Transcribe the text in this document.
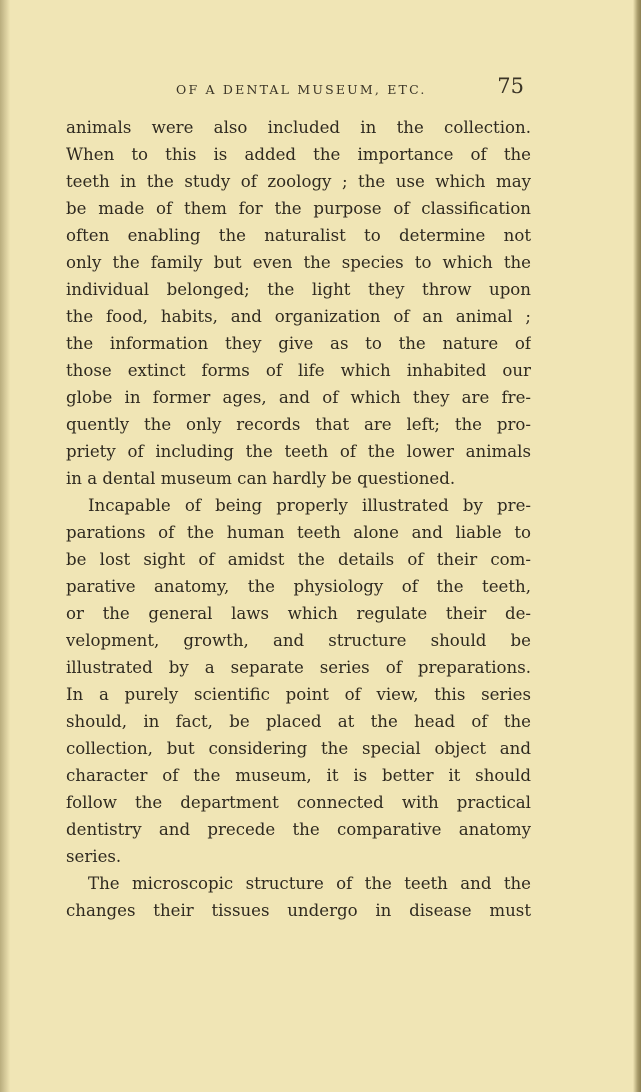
OF A DENTAL MUSEUM, ETC.	75
animals were also included in the collection.
When to this is added the importance of the
teeth in the study of zoology ; the use which may
be made of them for the purpose of classification
often enabling the naturalist to determine not
only the family but even the species to which the
individual belonged; the light they throw upon
the food, habits, and organization of an animal ;
the information they give as to the nature of
those extinct forms of life which inhabited our
globe in former ages, and of which they are fre-
quently the only records that are left; the pro-
priety of including the teeth of the lower animals
in a dental museum can hardly be questioned.
Incapable of being properly illustrated by pre-
parations of the human teeth alone and liable to
be lost sight of amidst the details of their com-
parative anatomy, the physiology of the teeth,
or the general laws which regulate their de-
velopment, growth, and structure should be
illustrated by a separate series of preparations.
In a purely scientific point of view, this series
should, in fact, be placed at the head of the
collection, but considering the special object and
character of the museum, it is better it should
follow the department connected with practical
dentistry and precede the comparative anatomy
series.
The microscopic structure of the teeth and the
changes their tissues undergo in disease must
